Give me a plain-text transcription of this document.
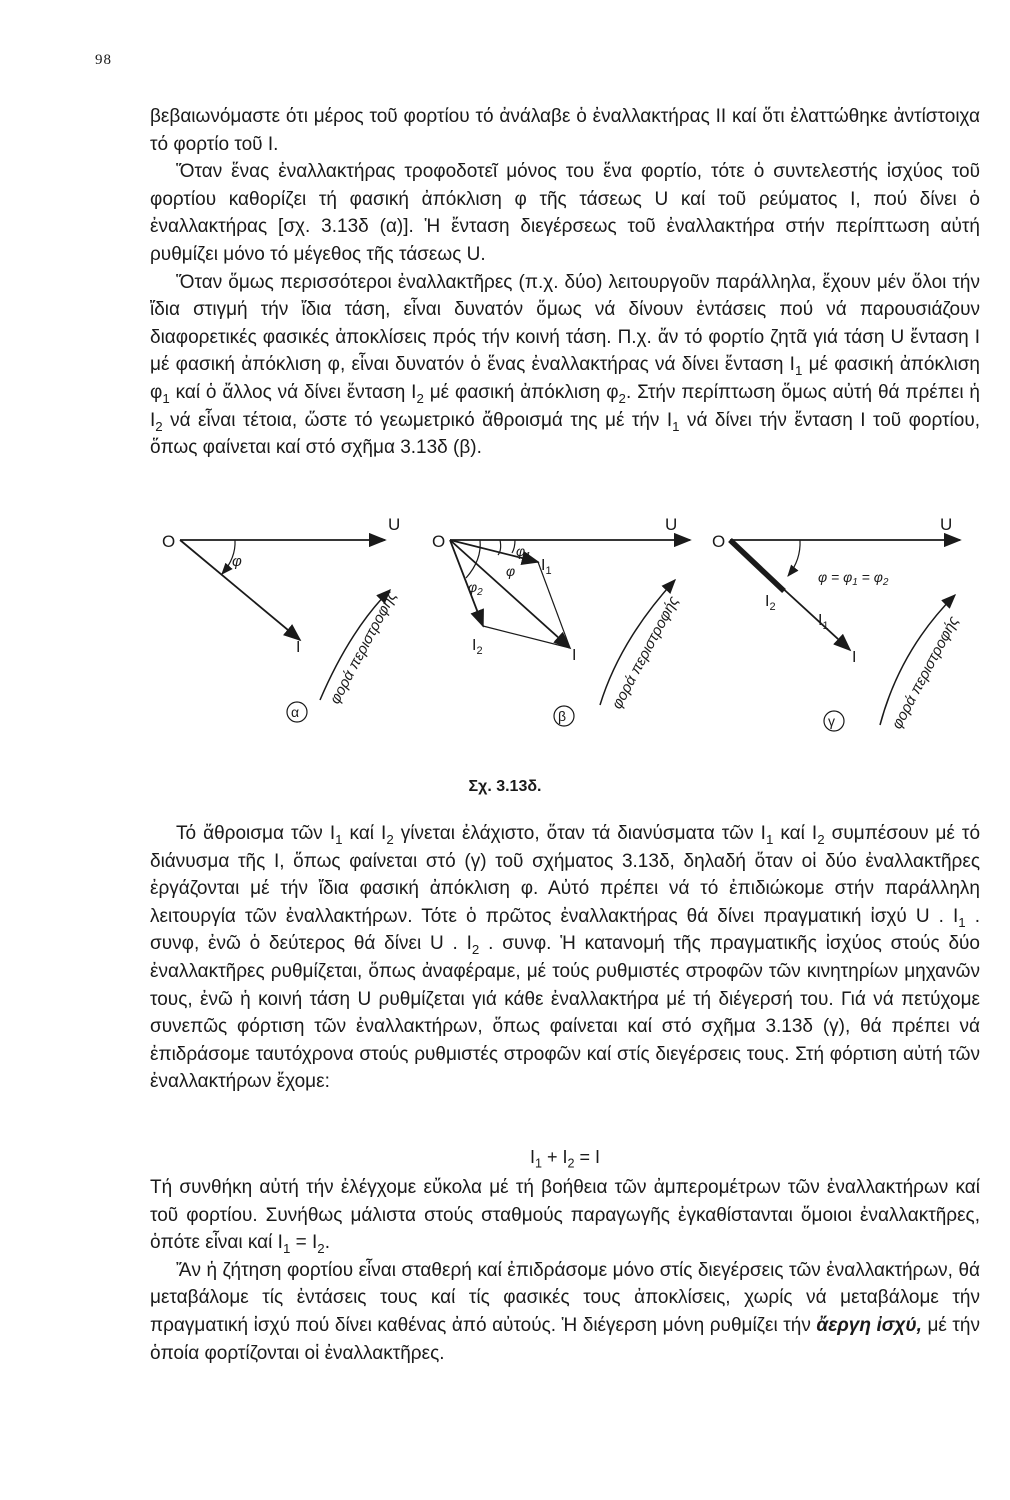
98

βεβαιωνόμαστε ότι μέρος τοῦ φορτίου τό ἀνάλαβε ὁ ἐναλλακτήρας ΙΙ καί ὅτι ἐλαττώθηκε ἀντίστοιχα τό φορτίο τοῦ Ι.

Ὅταν ἕνας ἐναλλακτήρας τροφοδοτεῖ μόνος του ἕνα φορτίο, τότε ὁ συντελεστής ἰσχύος τοῦ φορτίου καθορίζει τή φασική ἀπόκλιση φ τῆς τάσεως U καί τοῦ ρεύματος Ι, πού δίνει ὁ ἐναλλακτήρας [σχ. 3.13δ (α)]. Ἡ ἔνταση διεγέρσεως τοῦ ἐναλλακτήρα στήν περίπτωση αὐτή ρυθμίζει μόνο τό μέγεθος τῆς τάσεως U.

Ὅταν ὅμως περισσότεροι ἐναλλακτῆρες (π.χ. δύο) λειτουργοῦν παράλληλα, ἔχουν μέν ὅλοι τήν ἴδια στιγμή τήν ἴδια τάση, εἶναι δυνατόν ὅμως νά δίνουν ἐντάσεις πού νά παρουσιάζουν διαφορετικές φασικές ἀποκλίσεις πρός τήν κοινή τάση. Π.χ. ἄν τό φορτίο ζητᾶ γιά τάση U ἔνταση Ι μέ φασική ἀπόκλιση φ, εἶναι δυνατόν ὁ ἕνας ἐναλλακτήρας νά δίνει ἔνταση $I_1$ μέ φασική ἀπόκλιση $\varphi_1$ καί ὁ ἄλλος νά δίνει ἔνταση $I_2$ μέ φασική ἀπόκλιση $\varphi_2$. Στήν περίπτωση ὅμως αὐτή θά πρέπει ἡ $I_2$ νά εἶναι τέτοια, ὥστε τό γεωμετρικό ἄθροισμά της μέ τήν $I_1$ νά δίνει τήν ἔνταση Ι τοῦ φορτίου, ὅπως φαίνεται καί στό σχῆμα 3.13δ (β).

O
U
I
φ
φορά περιστροφής
α
O
U
I
$I_1$
$I_2$
φ
$\varphi_1$
$\varphi_2$
φορά περιστροφής
β
O
U
I
$I_1$
$I_2$
$\varphi = \varphi_1 = \varphi_2$
φορά περιστροφής
γ
Σχ. 3.13δ.

Τό ἄθροισμα τῶν $I_1$ καί $I_2$ γίνεται ἐλάχιστο, ὅταν τά διανύσματα τῶν $I_1$ καί $I_2$ συμπέσουν μέ τό διάνυσμα τῆς Ι, ὅπως φαίνεται στό (γ) τοῦ σχήματος 3.13δ, δηλαδή ὅταν οἱ δύο ἐναλλακτῆρες ἐργάζονται μέ τήν ἴδια φασική ἀπόκλιση φ. Αὐτό πρέπει νά τό ἐπιδιώκομε στήν παράλληλη λειτουργία τῶν ἐναλλακτήρων. Τότε ὁ πρῶτος ἐναλλακτήρας θά δίνει πραγματική ἰσχύ U . $I_1$ . συνφ, ἐνῶ ὁ δεύτερος θά δίνει U . $I_2$ . συνφ. Ἡ κατανομή τῆς πραγματικῆς ἰσχύος στούς δύο ἐναλλακτῆρες ρυθμίζεται, ὅπως ἀναφέραμε, μέ τούς ρυθμιστές στροφῶν τῶν κινητηρίων μηχανῶν τους, ἐνῶ ἡ κοινή τάση U ρυθμίζεται γιά κάθε ἐναλλακτήρα μέ τή διέγερσή του. Γιά νά πετύχομε συνεπῶς φόρτιση τῶν ἐναλλακτήρων, ὅπως φαίνεται καί στό σχῆμα 3.13δ (γ), θά πρέπει νά ἐπιδράσομε ταυτόχρονα στούς ρυθμιστές στροφῶν καί στίς διεγέρσεις τους. Στή φόρτιση αὐτή τῶν ἐναλλακτήρων ἔχομε:

$I_1 + I_2 = I$

Τή συνθήκη αὐτή τήν ἐλέγχομε εὔκολα μέ τή βοήθεια τῶν ἀμπερομέτρων τῶν ἐναλλακτήρων καί τοῦ φορτίου. Συνήθως μάλιστα στούς σταθμούς παραγωγῆς ἐγκαθίστανται ὅμοιοι ἐναλλακτῆρες, ὁπότε εἶναι καί $I_1 = I_2$.

Ἄν ἡ ζήτηση φορτίου εἶναι σταθερή καί ἐπιδράσομε μόνο στίς διεγέρσεις τῶν ἐναλλακτήρων, θά μεταβάλομε τίς ἐντάσεις τους καί τίς φασικές τους ἀποκλίσεις, χωρίς νά μεταβάλομε τήν πραγματική ἰσχύ πού δίνει καθένας ἀπό αὐτούς. Ἡ διέγερση μόνη ρυθμίζει τήν ἄεργη ἰσχύ, μέ τήν ὁποία φορτίζονται οἱ ἐναλλακτῆρες.
